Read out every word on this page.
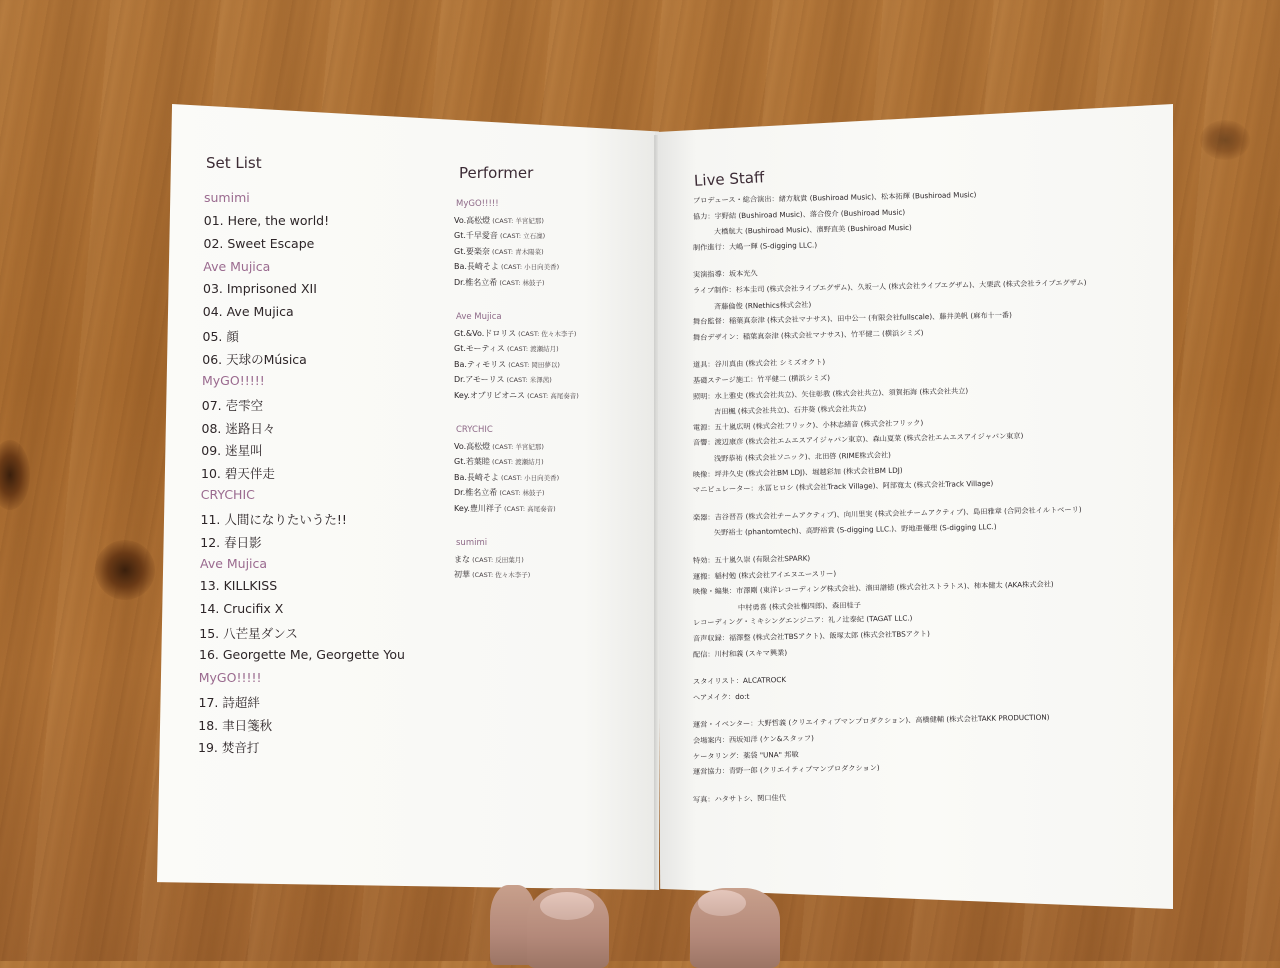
Set List
sumimi
01. Here, the world!
02. Sweet Escape
Ave Mujica
03. Imprisoned XII
04. Ave Mujica
05. 顔
06. 天球のMúsica
MyGO!!!!!
07. 壱雫空
08. 迷路日々
09. 迷星叫
10. 碧天伴走
CRYCHIC
11. 人間になりたいうた!!
12. 春日影
Ave Mujica
13. KILLKISS
14. Crucifix X
15. 八芒星ダンス
16. Georgette Me, Georgette You
MyGO!!!!!
17. 詩超絆
18. 聿日箋秋
19. 焚音打
Performer
MyGO!!!!!
Vo.高松燈 (CAST: 羊宮妃那)
Gt.千早愛音 (CAST: 立石凜)
Gt.要楽奈 (CAST: 青木陽菜)
Ba.長崎そよ (CAST: 小日向美香)
Dr.椎名立希 (CAST: 林鼓子)
Ave Mujica
Gt.&Vo.ドロリス (CAST: 佐々木李子)
Gt.モーティス (CAST: 渡瀬結月)
Ba.ティモリス (CAST: 岡田夢以)
Dr.アモーリス (CAST: 米澤茜)
Key.オブリビオニス (CAST: 高尾奏音)
CRYCHIC
Vo.高松燈 (CAST: 羊宮妃那)
Gt.若葉睦 (CAST: 渡瀬結月)
Ba.長崎そよ (CAST: 小日向美香)
Dr.椎名立希 (CAST: 林鼓子)
Key.豊川祥子 (CAST: 高尾奏音)
sumimi
まな (CAST: 反田葉月)
初華 (CAST: 佐々木李子)
Live Staff
プロデュース・総合演出：緒方航貴 (Bushiroad Music)、松本拓輝 (Bushiroad Music)
協力：宇野結 (Bushiroad Music)、落合俊介 (Bushiroad Music)
大橋航大 (Bushiroad Music)、濱野直美 (Bushiroad Music)
制作進行：大嶋一輝 (S-digging LLC.)
実演指導：坂本光久
ライブ制作：杉本圭司 (株式会社ライブエグザム)、久坂一人 (株式会社ライブエグザム)、大栗武 (株式会社ライブエグザム)
斉藤倫俊 (RNethics株式会社)
舞台監督：稲葉真奈津 (株式会社マナサス)、田中公一 (有限会社fullscale)、藤井美帆 (麻布十一番)
舞台デザイン：稲葉真奈津 (株式会社マナサス)、竹平健二 (横浜シミズ)
道具：谷川真由 (株式会社 シミズオクト)
基礎ステージ施工：竹平健二 (横浜シミズ)
照明：水上雅史 (株式会社共立)、矢住彰教 (株式会社共立)、須賀拓海 (株式会社共立)
吉田楓 (株式会社共立)、石井葵 (株式会社共立)
電源：五十嵐広明 (株式会社フリック)、小林志緒音 (株式会社フリック)
音響：渡辺康彦 (株式会社エムエスアイジャパン東京)、森山夏菜 (株式会社エムエスアイジャパン東京)
浅野恭祐 (株式会社ソニック)、北田啓 (RIME株式会社)
映像：坪井久史 (株式会社BM LDJ)、堀越彩加 (株式会社BM LDJ)
マニピュレーター：永冨ヒロシ (株式会社Track Village)、阿部寛太 (株式会社Track Village)
楽器：吉谷晋吾 (株式会社チームアクティブ)、向川里実 (株式会社チームアクティブ)、島田雅章 (合同会社イルトベーリ)
矢野裕士 (phantomtech)、高野裕貴 (S-digging LLC.)、野地亜優理 (S-digging LLC.)
特効：五十嵐久崇 (有限会社SPARK)
運搬：稲村勉 (株式会社アイエヌエースリー)
映像・編集：市澤剛 (東洋レコーディング株式会社)、濱田譜徳 (株式会社ストラトス)、柿本健太 (AKA株式会社)
中村勇喜 (株式会社権四郎)、森田桂子
レコーディング・ミキシングエンジニア：礼ノ辻泰紀 (TAGAT LLC.)
音声収録：福澤整 (株式会社TBSアクト)、飯塚太郎 (株式会社TBSアクト)
配信：川村和義 (スキマ興業)
スタイリスト：ALCATROCK
ヘアメイク：do:t
運営・イベンター：大野哲義 (クリエイティブマンプロダクション)、高橋健輔 (株式会社TAKK PRODUCTION)
会場案内：西坂知洋 (ケン&スタッフ)
ケータリング：薬袋 "UNA" 邦敏
運営協力：青野一郎 (クリエイティブマンプロダクション)
写真：ハタサトシ、関口佳代
